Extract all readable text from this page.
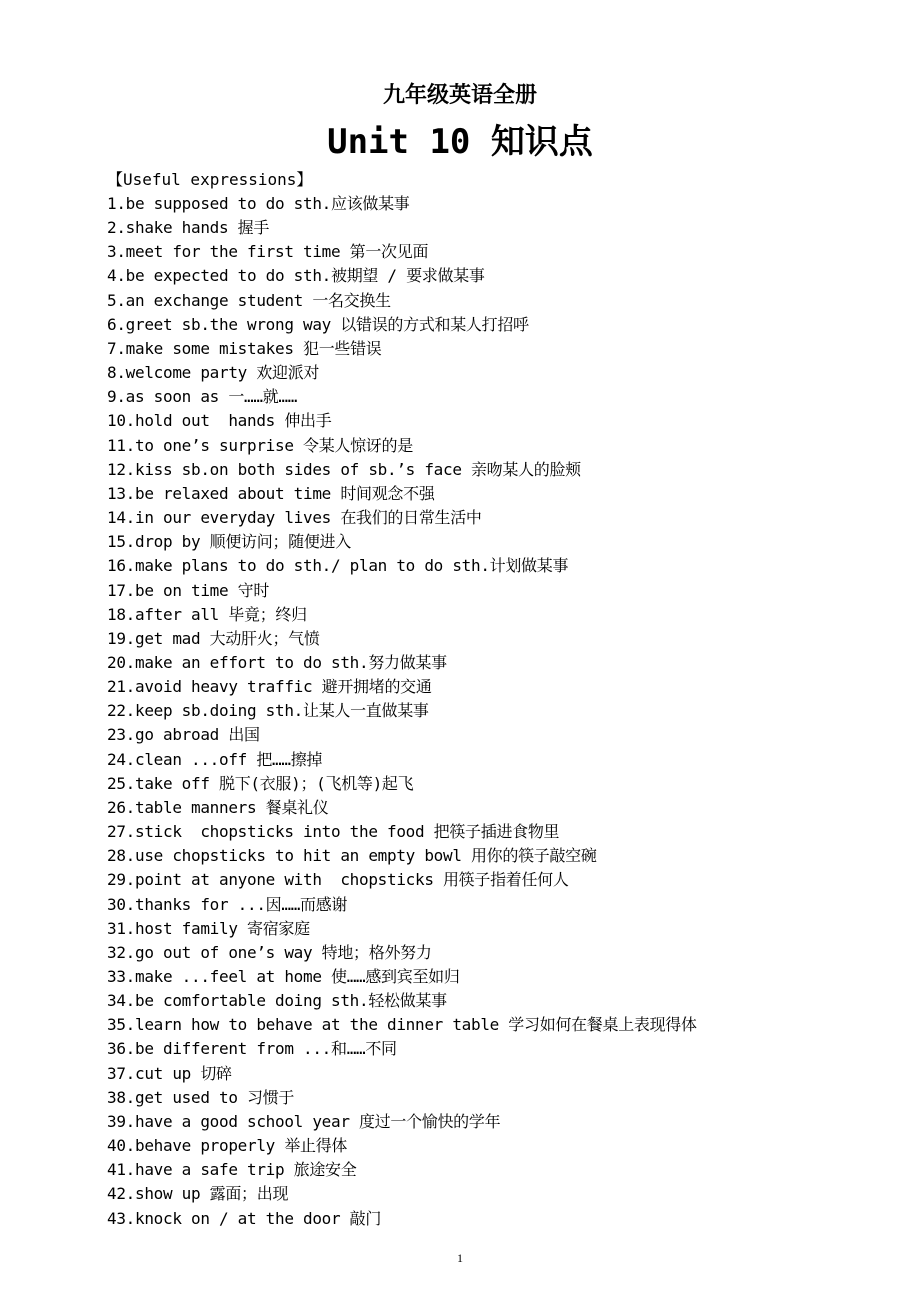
九年级英语全册
Unit 10 知识点
【Useful expressions】
1.be supposed to do sth.应该做某事
2.shake hands 握手
3.meet for the first time 第一次见面
4.be expected to do sth.被期望 / 要求做某事
5.an exchange student 一名交换生
6.greet sb.the wrong way 以错误的方式和某人打招呼
7.make some mistakes 犯一些错误
8.welcome party 欢迎派对
9.as soon as 一……就……
10.hold out  hands 伸出手
11.to one’s surprise 令某人惊讶的是
12.kiss sb.on both sides of sb.’s face 亲吻某人的脸颊
13.be relaxed about time 时间观念不强
14.in our everyday lives 在我们的日常生活中
15.drop by 顺便访问；随便进入
16.make plans to do sth./ plan to do sth.计划做某事
17.be on time 守时
18.after all 毕竟；终归
19.get mad 大动肝火；气愤
20.make an effort to do sth.努力做某事
21.avoid heavy traffic 避开拥堵的交通
22.keep sb.doing sth.让某人一直做某事
23.go abroad 出国
24.clean ...off 把……擦掉
25.take off 脱下(衣服)；(飞机等)起飞
26.table manners 餐桌礼仪
27.stick  chopsticks into the food 把筷子插进食物里
28.use chopsticks to hit an empty bowl 用你的筷子敲空碗
29.point at anyone with  chopsticks 用筷子指着任何人
30.thanks for ...因……而感谢
31.host family 寄宿家庭
32.go out of one’s way 特地；格外努力
33.make ...feel at home 使……感到宾至如归
34.be comfortable doing sth.轻松做某事
35.learn how to behave at the dinner table 学习如何在餐桌上表现得体
36.be different from ...和……不同
37.cut up 切碎
38.get used to 习惯于
39.have a good school year 度过一个愉快的学年
40.behave properly 举止得体
41.have a safe trip 旅途安全
42.show up 露面；出现
43.knock on / at the door 敲门
1
